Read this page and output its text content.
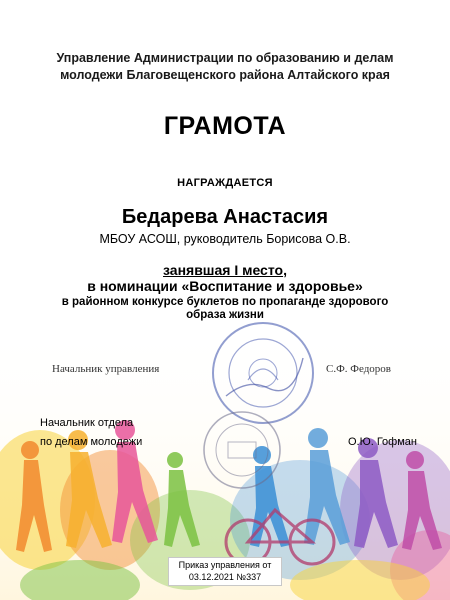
Управление Администрации по образованию и делам
молодежи Благовещенского района Алтайского края
ГРАМОТА
НАГРАЖДАЕТСЯ
Бедарева Анастасия
МБОУ АСОШ, руководитель Борисова О.В.
занявшая I место,
в номинации «Воспитание и здоровье»
в районном конкурсе буклетов по пропаганде здорового
образа жизни
Начальник управления	С.Ф. Федоров
Начальник отдела
по делам молодежи	О.Ю. Гофман
Приказ управления от
03.12.2021 №337
